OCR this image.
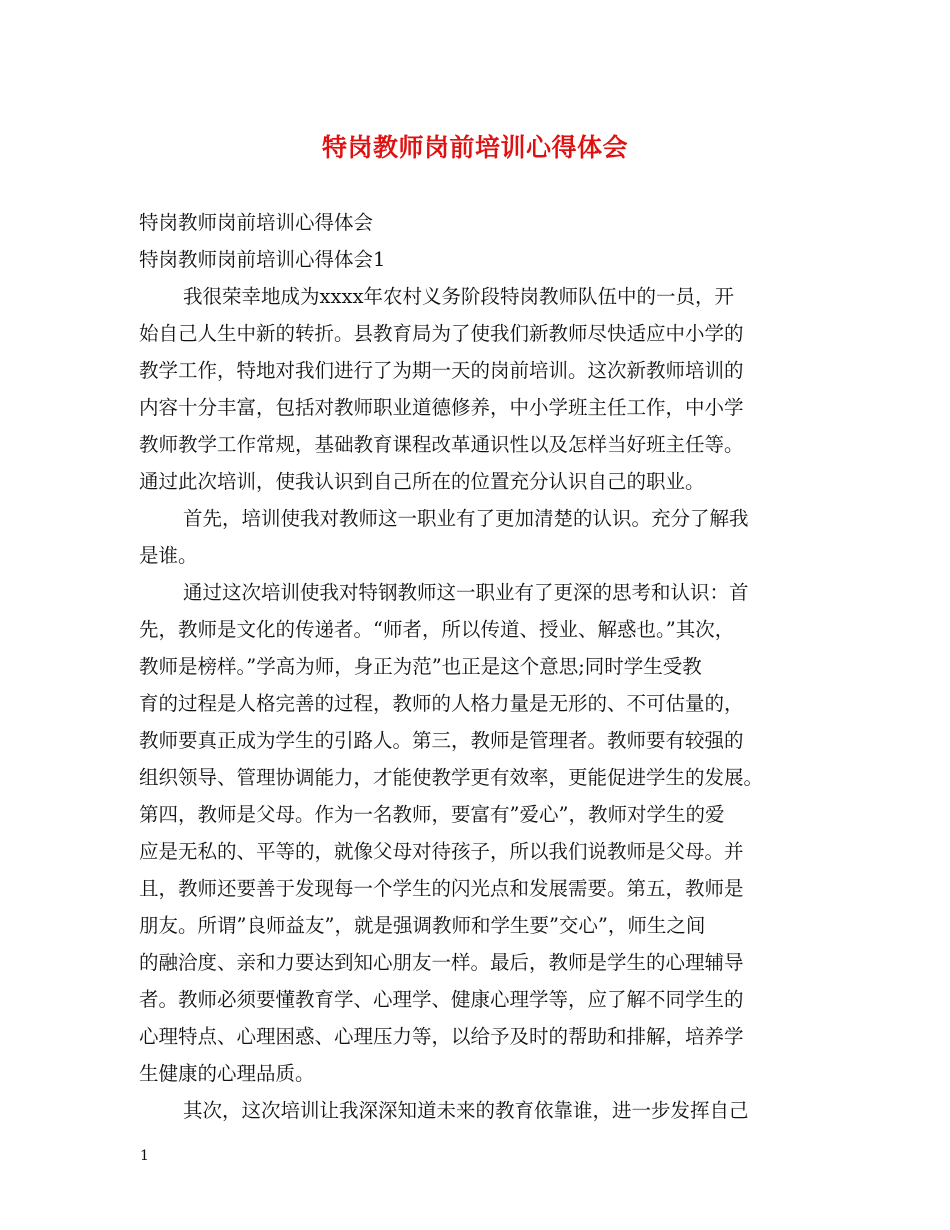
特岗教师岗前培训心得体会
特岗教师岗前培训心得体会
特岗教师岗前培训心得体会1
我很荣幸地成为xxxx年农村义务阶段特岗教师队伍中的一员，开
始自己人生中新的转折。县教育局为了使我们新教师尽快适应中小学的
教学工作，特地对我们进行了为期一天的岗前培训。这次新教师培训的
内容十分丰富，包括对教师职业道德修养，中小学班主任工作，中小学
教师教学工作常规，基础教育课程改革通识性以及怎样当好班主任等。
通过此次培训，使我认识到自己所在的位置充分认识自己的职业。
首先，培训使我对教师这一职业有了更加清楚的认识。充分了解我
是谁。
通过这次培训使我对特钢教师这一职业有了更深的思考和认识：首
先，教师是文化的传递者。“师者，所以传道、授业、解惑也。”其次，
教师是榜样。”学高为师，身正为范”也正是这个意思;同时学生受教
育的过程是人格完善的过程，教师的人格力量是无形的、不可估量的，
教师要真正成为学生的引路人。第三，教师是管理者。教师要有较强的
组织领导、管理协调能力，才能使教学更有效率，更能促进学生的发展。
第四，教师是父母。作为一名教师，要富有”爱心”，教师对学生的爱
应是无私的、平等的，就像父母对待孩子，所以我们说教师是父母。并
且，教师还要善于发现每一个学生的闪光点和发展需要。第五，教师是
朋友。所谓”良师益友”，就是强调教师和学生要”交心”，师生之间
的融洽度、亲和力要达到知心朋友一样。最后，教师是学生的心理辅导
者。教师必须要懂教育学、心理学、健康心理学等，应了解不同学生的
心理特点、心理困惑、心理压力等，以给予及时的帮助和排解，培养学
生健康的心理品质。
其次，这次培训让我深深知道未来的教育依靠谁，进一步发挥自己
1
